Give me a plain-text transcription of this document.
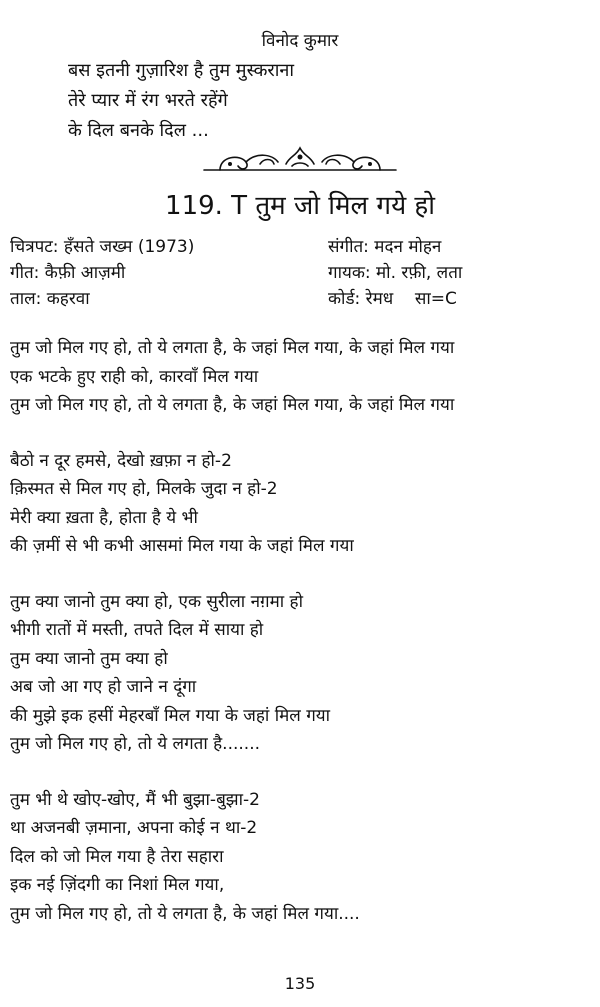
विनोद कुमार
बस इतनी गुज़ारिश है तुम मुस्कराना
तेरे प्यार में रंग भरते रहेंगे
के दिल बनके दिल ...
119. T तुम जो मिल गये हो
चित्रपट: हँसते जख्म (1973)	संगीत: मदन मोहन
गीत: कैफ़ी आज़मी	गायक: मो. रफ़ी, लता
ताल: कहरवा	कोर्ड: रेमध    सा=C
तुम जो मिल गए हो, तो ये लगता है, के जहां मिल गया, के जहां मिल गया
एक भटके हुए राही को, कारवाँ मिल गया
तुम जो मिल गए हो, तो ये लगता है, के जहां मिल गया, के जहां मिल गया
बैठो न दूर हमसे, देखो ख़फ़ा न हो-2
क़िस्मत से मिल गए हो, मिलके जुदा न हो-2
मेरी क्या ख़ता है, होता है ये भी
की ज़मीं से भी कभी आसमां मिल गया के जहां मिल गया
तुम क्या जानो तुम क्या हो, एक सुरीला नग़मा हो
भीगी रातों में मस्ती, तपते दिल में साया हो
तुम क्या जानो तुम क्या हो
अब जो आ गए हो जाने न दूंगा
की मुझे इक हसीं मेहरबाँ मिल गया के जहां मिल गया
तुम जो मिल गए हो, तो ये लगता है.......
तुम भी थे खोए-खोए, मैं भी बुझा-बुझा-2
था अजनबी ज़माना, अपना कोई न था-2
दिल को जो मिल गया है तेरा सहारा
इक नई ज़िंदगी का निशां मिल गया,
तुम जो मिल गए हो, तो ये लगता है, के जहां मिल गया....
135
